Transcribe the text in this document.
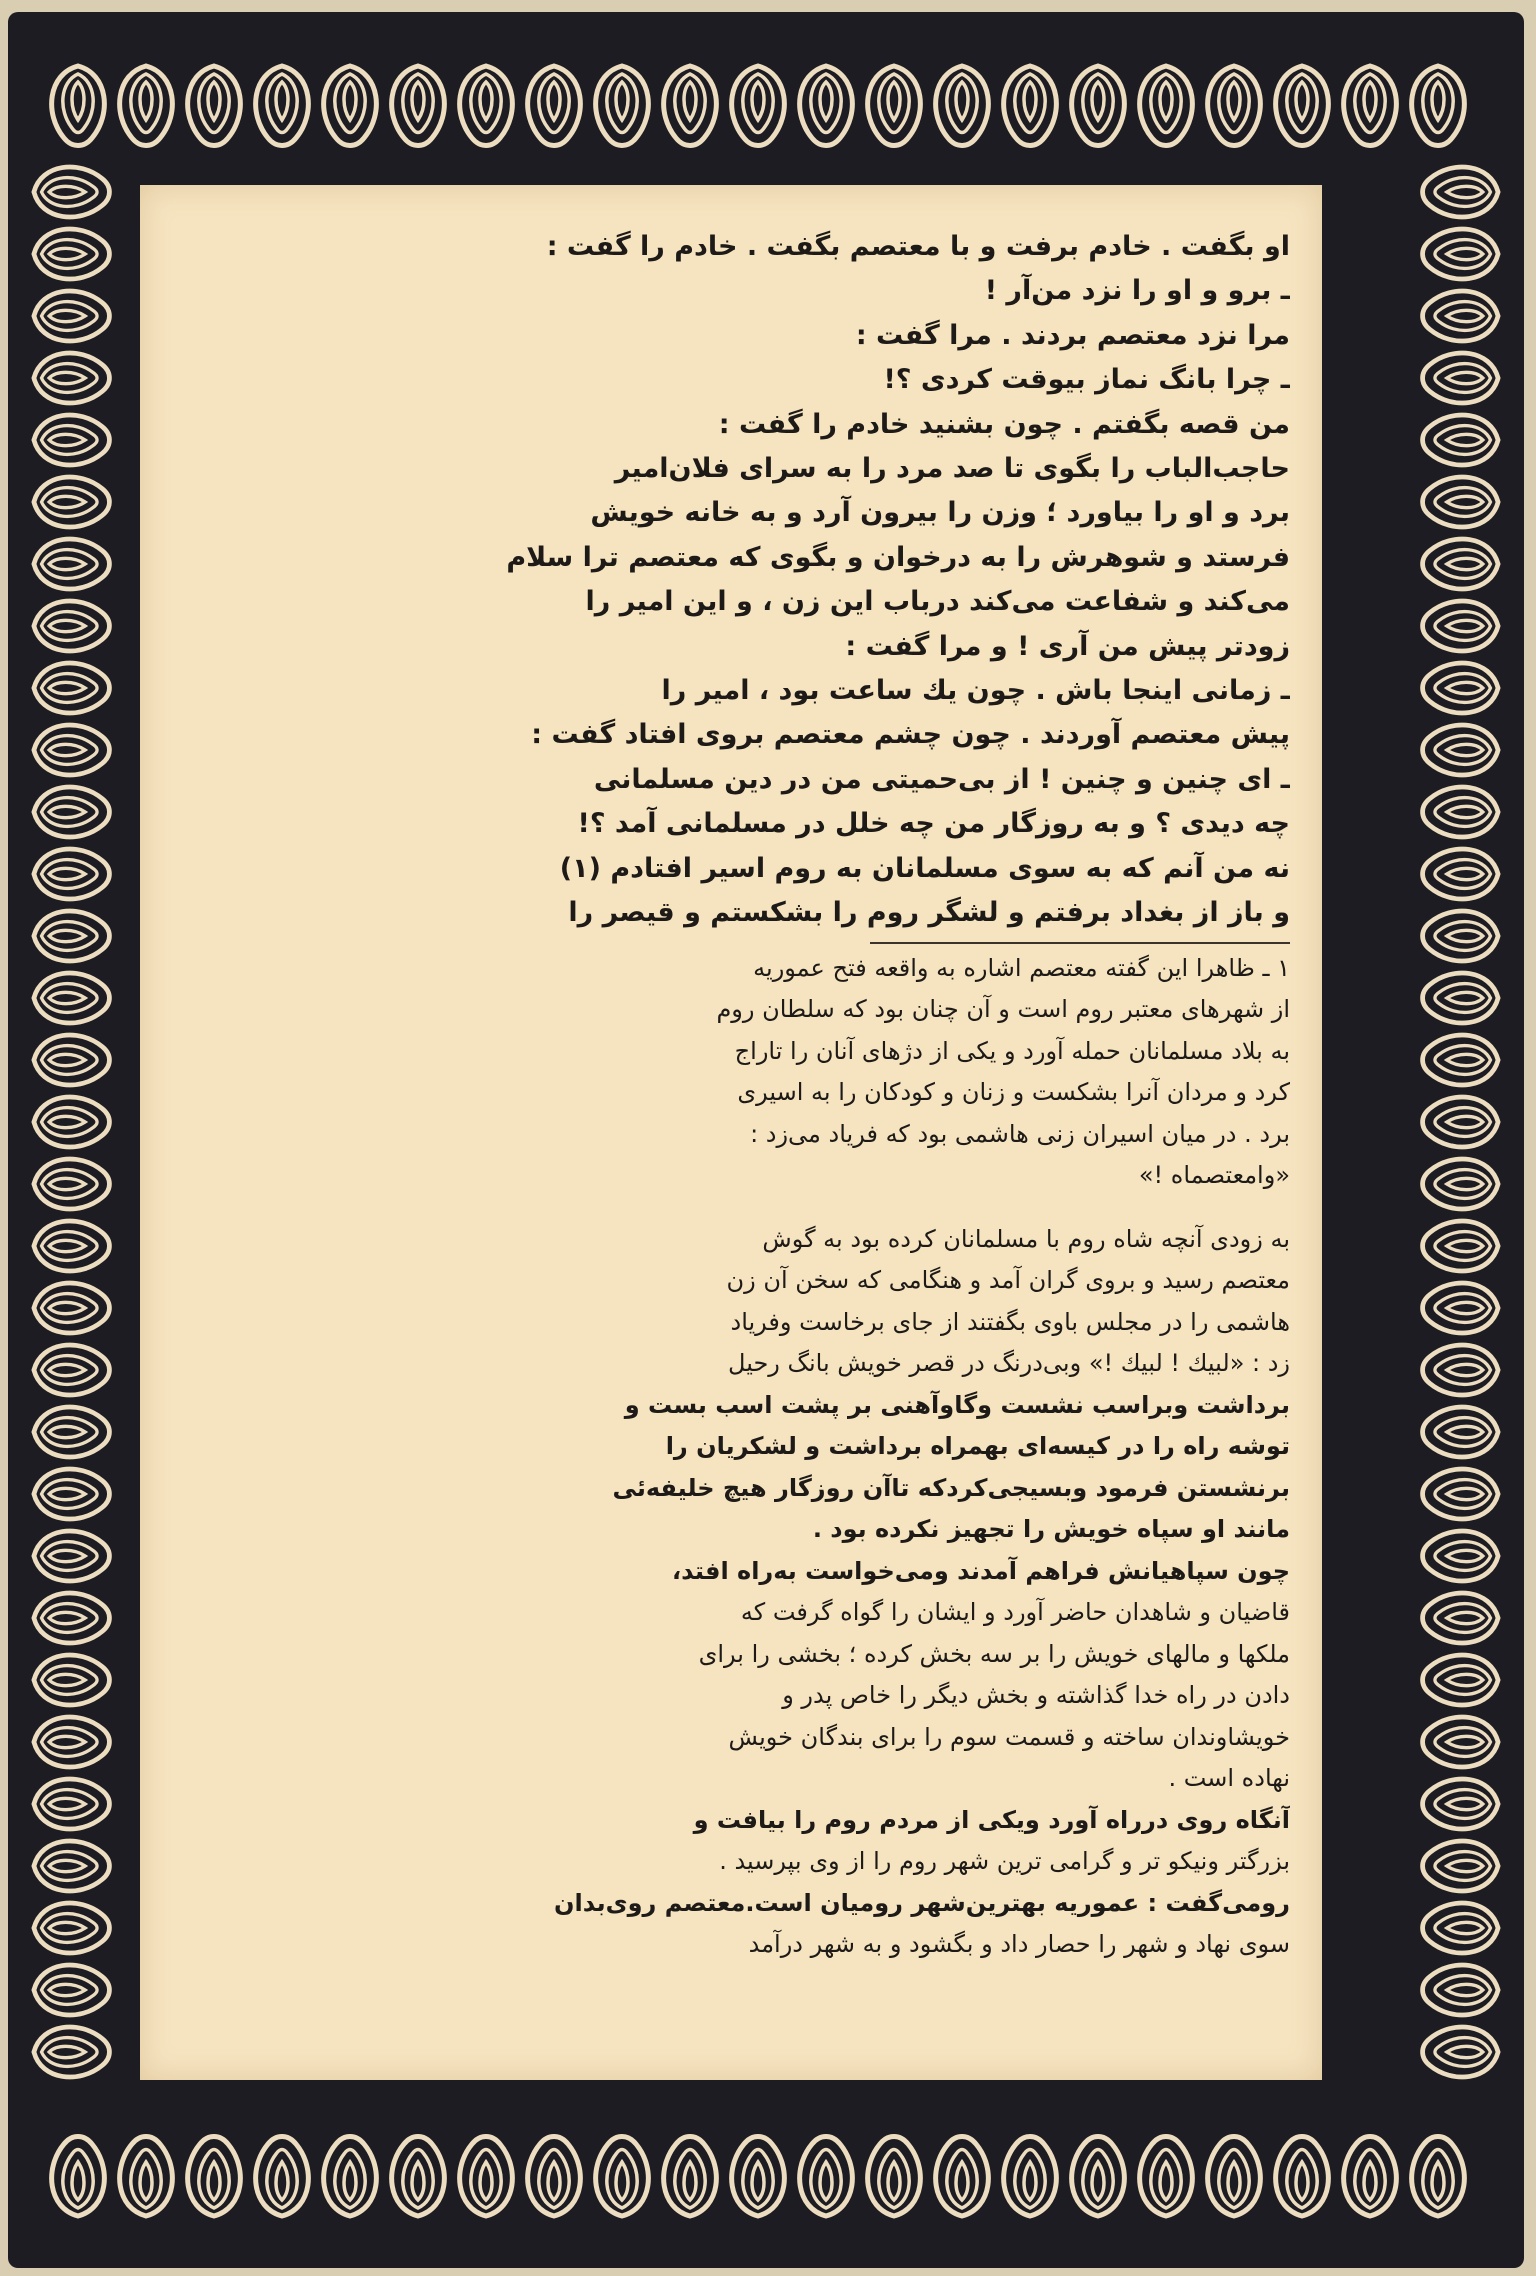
او بگفت . خادم برفت و با معتصم بگفت . خادم را گفت :
ـ برو و او را نزد من‌آر !
مرا نزد معتصم بردند . مرا گفت :
ـ چرا بانگ نماز بیوقت کردی ؟!
من قصه بگفتم . چون بشنید خادم را گفت :
حاجب‌الباب را بگوی تا صد مرد را به سرای فلان‌امیر
برد و او را بیاورد ؛ وزن را بیرون آرد و به خانه خویش
فرستد و شوهرش را به درخوان و بگوی که معتصم ترا سلام
می‌کند و شفاعت می‌کند درباب این زن ، و این امیر را
زودتر پیش من آری ! و مرا گفت :
ـ زمانی اینجا باش . چون یك ساعت بود ، امیر را
پیش معتصم آوردند . چون چشم معتصم بروی افتاد گفت :
ـ ای چنین و چنین ! از بی‌حمیتی من در دین مسلمانی
چه دیدی ؟ و به روزگار من چه خلل در مسلمانی آمد ؟!
نه من آنم که به سوی مسلمانان به روم اسیر افتادم (۱)
و باز از بغداد برفتم و لشگر روم را بشکستم و قیصر را
۱ ـ ظاهرا این گفته معتصم اشاره به واقعه فتح عموریه
از شهرهای معتبر روم است و آن چنان بود که سلطان روم
به بلاد مسلمانان حمله آورد و یکی از دژهای آنان را تاراج
کرد و مردان آنرا بشکست و زنان و کودکان را به اسیری
برد . در میان اسیران زنی هاشمی بود که فریاد می‌زد :
«وامعتصماه !»
به زودی آنچه شاه روم با مسلمانان کرده بود به گوش
معتصم رسید و بروی گران آمد و هنگامی که سخن آن زن
هاشمی را در مجلس باوی بگفتند از جای برخاست وفریاد
زد : «لبیك ! لبیك !» وبی‌درنگ در قصر خویش بانگ رحیل
برداشت وبراسب نشست وگاوآهنی بر پشت اسب بست و
توشه راه را در کیسه‌ای بهمراه برداشت و لشکریان را
برنشستن فرمود وبسیجی‌کردکه تاآن روزگار هیچ خلیفه‌ئی
مانند او سپاه خویش را تجهیز نکرده بود .
چون سپاهیانش فراهم آمدند ومی‌خواست به‌راه افتد،
قاضیان و شاهدان حاضر آورد و ایشان را گواه گرفت که
ملکها و مالهای خویش را بر سه بخش کرده ؛ بخشی را برای
دادن در راه خدا گذاشته و بخش دیگر را خاص پدر و
خویشاوندان ساخته و قسمت سوم را برای بندگان خویش
نهاده است .
آنگاه روی درراه آورد ویکی از مردم روم را بیافت و
بزرگتر ونیکو تر و گرامی ترین شهر روم را از وی بپرسید .
رومی‌گفت : عموریه بهترین‌شهر رومیان است.معتصم روی‌بدان
سوی نهاد و شهر را حصار داد و بگشود و به شهر درآمد
